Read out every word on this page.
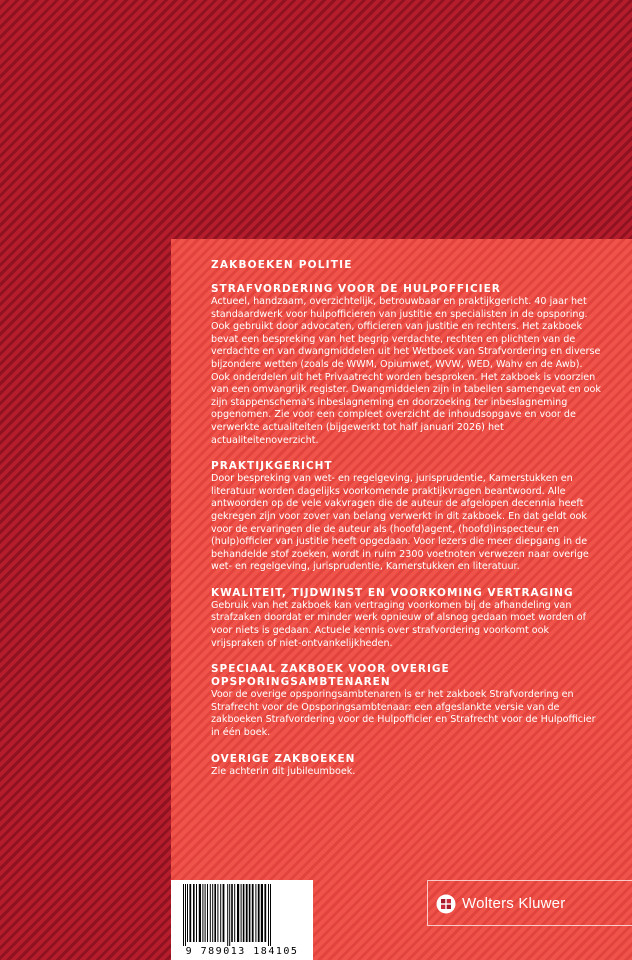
ZAKBOEKEN POLITIE

STRAFVORDERING VOOR DE HULPOFFICIER

Actueel, handzaam, overzichtelijk, betrouwbaar en praktijkgericht. 40 jaar het standaardwerk voor hulpofficieren van justitie en specialisten in de opsporing. Ook gebruikt door advocaten, officieren van justitie en rechters. Het zakboek bevat een bespreking van het begrip verdachte, rechten en plichten van de verdachte en van dwangmiddelen uit het Wetboek van Strafvordering en diverse bijzondere wetten (zoals de WWM, Opiumwet, WVW, WED, Wahv en de Awb). Ook onderdelen uit het Privaatrecht worden besproken. Het zakboek is voorzien van een omvangrijk register. Dwangmiddelen zijn in tabellen samengevat en ook zijn stappenschema's inbeslagneming en doorzoeking ter inbeslagneming opgenomen. Zie voor een compleet overzicht de inhoudsopgave en voor de verwerkte actualiteiten (bijgewerkt tot half januari 2026) het actualiteitenoverzicht.

PRAKTIJKGERICHT

Door bespreking van wet- en regelgeving, jurisprudentie, Kamerstukken en literatuur worden dagelijks voorkomende praktijkvragen beantwoord. Alle antwoorden op de vele vakvragen die de auteur de afgelopen decennia heeft gekregen zijn voor zover van belang verwerkt in dit zakboek. En dat geldt ook voor de ervaringen die de auteur als (hoofd)agent, (hoofd)inspecteur en (hulp)officier van justitie heeft opgedaan. Voor lezers die meer diepgang in de behandelde stof zoeken, wordt in ruim 2300 voetnoten verwezen naar overige wet- en regelgeving, jurisprudentie, Kamerstukken en literatuur.

KWALITEIT, TIJDWINST EN VOORKOMING VERTRAGING

Gebruik van het zakboek kan vertraging voorkomen bij de afhandeling van strafzaken doordat er minder werk opnieuw of alsnog gedaan moet worden of voor niets is gedaan. Actuele kennis over strafvordering voorkomt ook vrijspraken of niet-ontvankelijkheden.

SPECIAAL ZAKBOEK VOOR OVERIGE OPSPORINGSAMBTENAREN

Voor de overige opsporingsambtenaren is er het zakboek Strafvordering en Strafrecht voor de Opsporingsambtenaar: een afgeslankte versie van de zakboeken Strafvordering voor de Hulpofficier en Strafrecht voor de Hulpofficier in één boek.

OVERIGE ZAKBOEKEN

Zie achterin dit jubileumboek.

9 789013 184105
Wolters Kluwer
